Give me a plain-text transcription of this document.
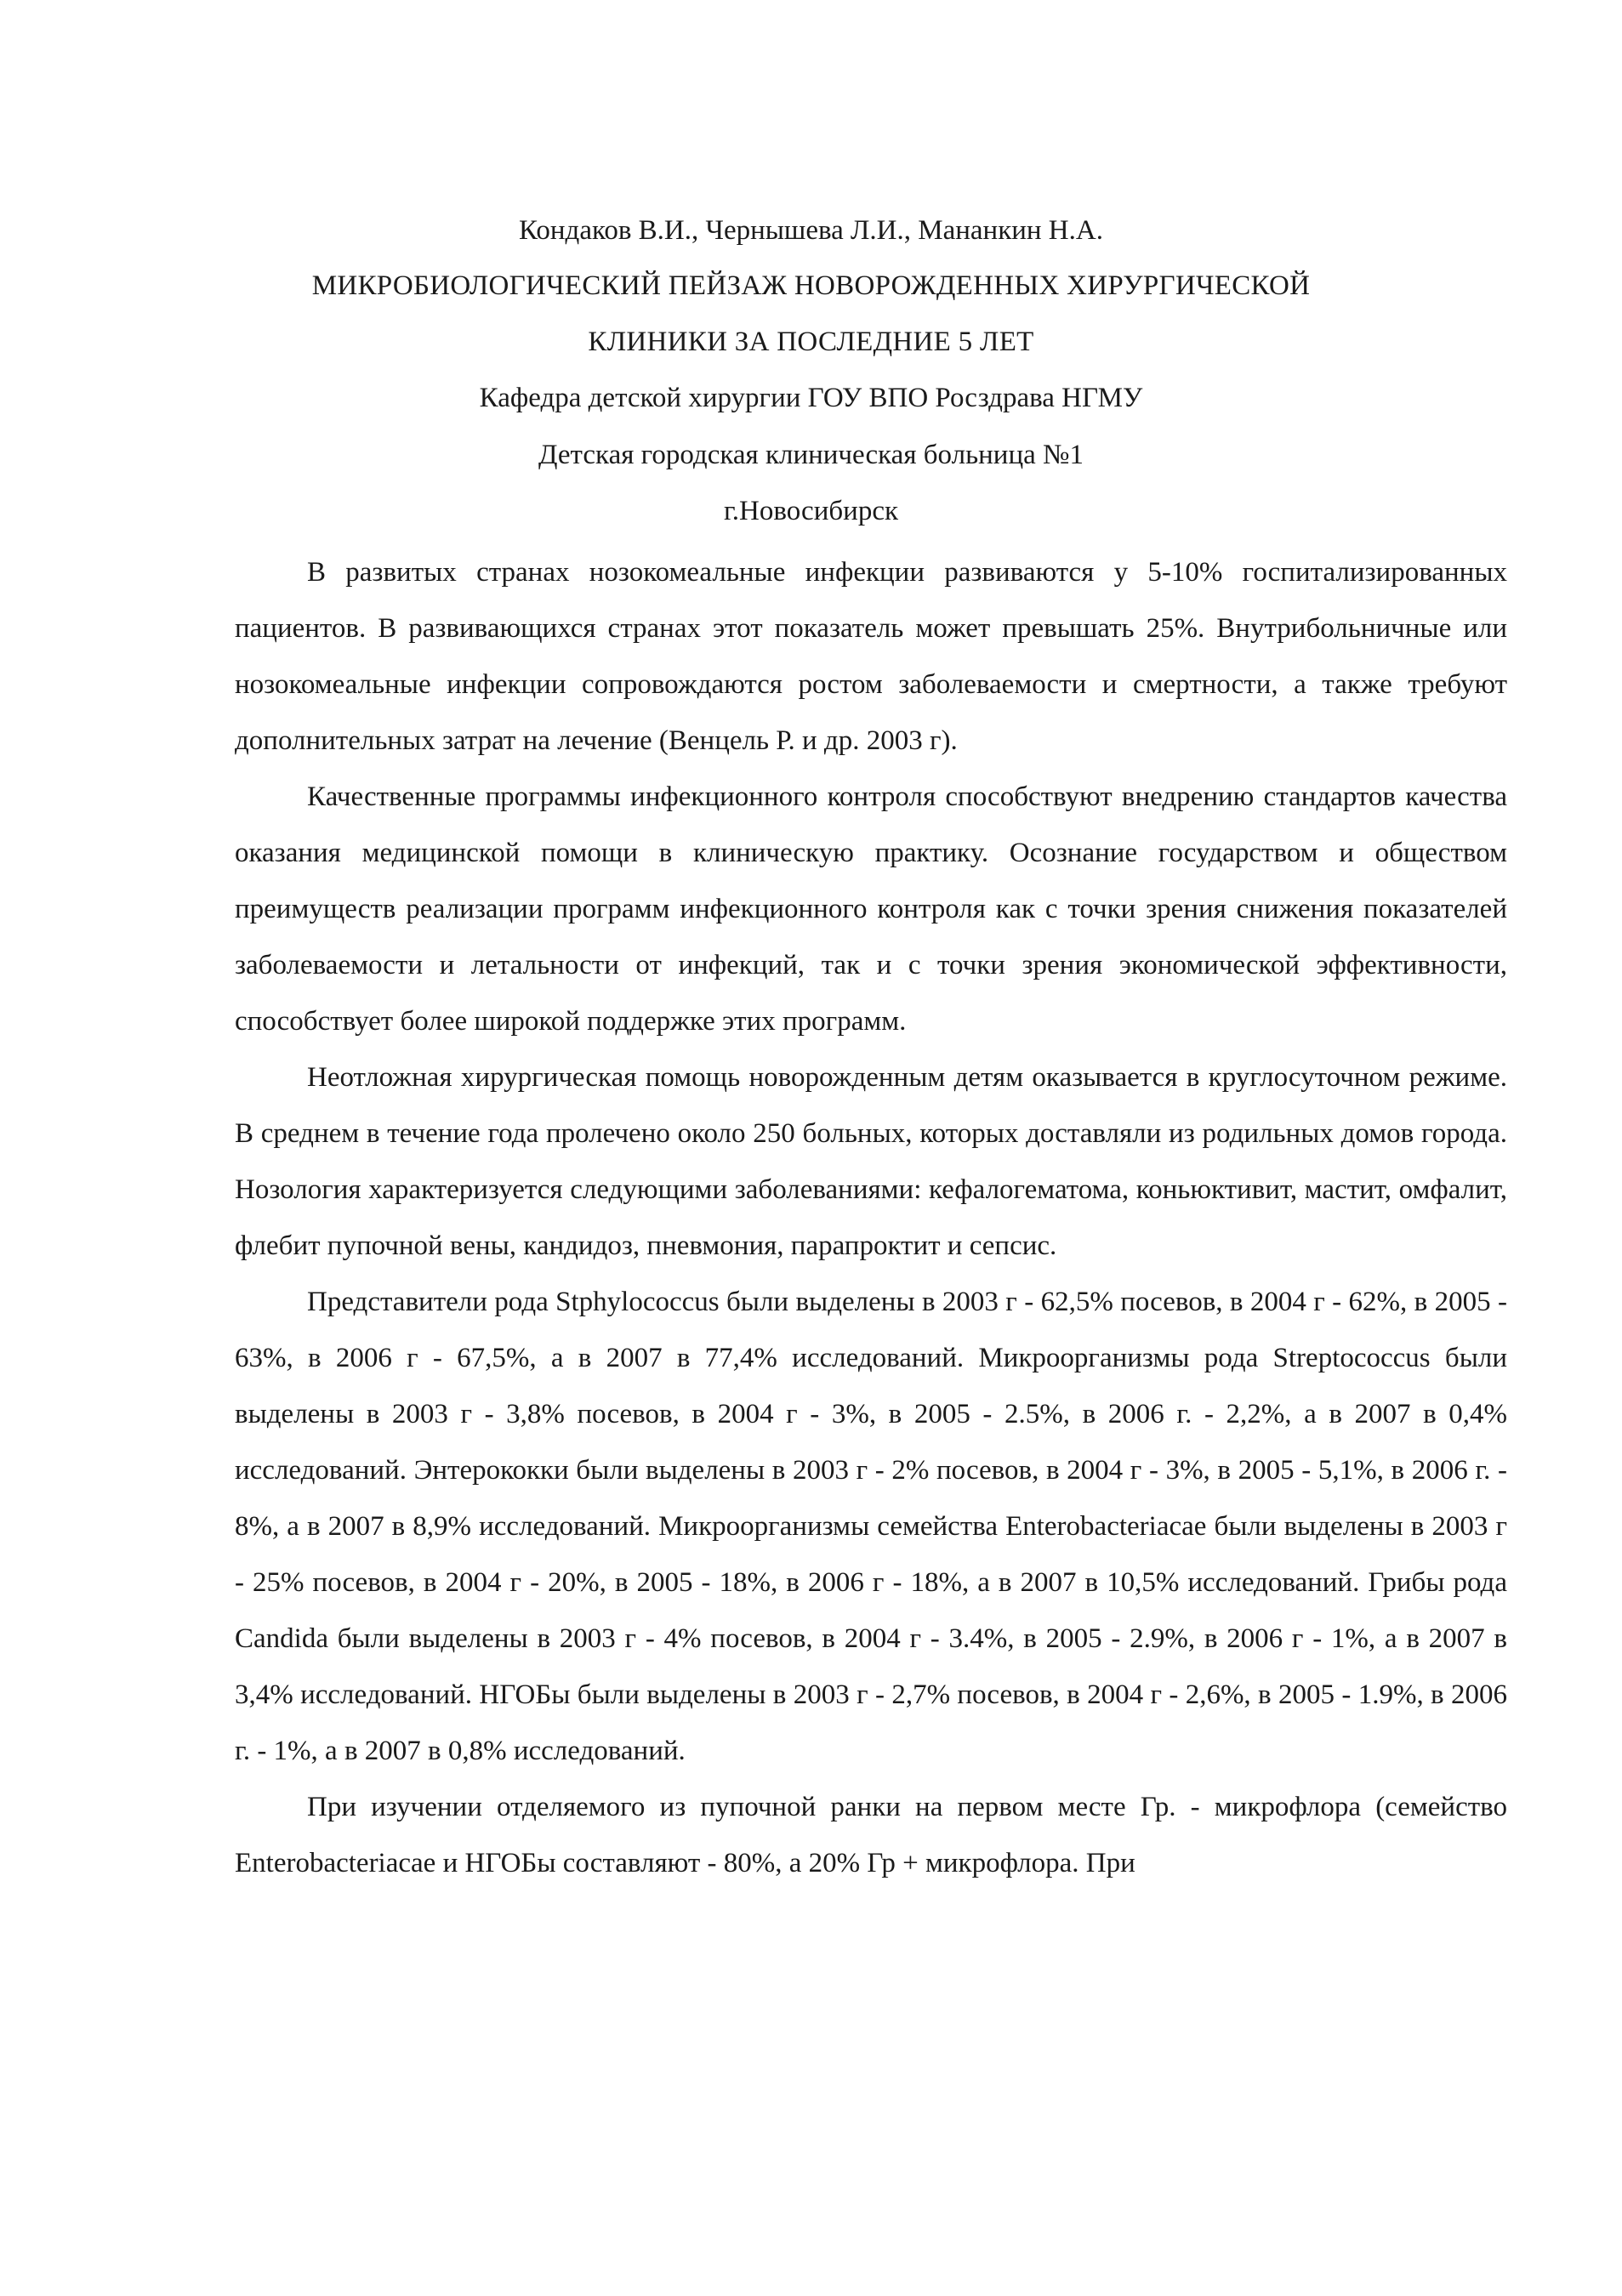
Кондаков В.И., Чернышева Л.И., Мананкин Н.А.

МИКРОБИОЛОГИЧЕСКИЙ ПЕЙЗАЖ НОВОРОЖДЕННЫХ ХИРУРГИЧЕСКОЙ

КЛИНИКИ ЗА ПОСЛЕДНИЕ 5 ЛЕТ

Кафедра детской хирургии ГОУ ВПО Росздрава НГМУ

Детская городская клиническая больница №1

г.Новосибирск

В развитых странах нозокомеальные инфекции развиваются у 5-10% госпитализированных пациентов. В развивающихся странах этот показатель может превышать 25%. Внутрибольничные или нозокомеальные инфекции сопровождаются ростом заболеваемости и смертности, а также требуют дополнительных затрат на лечение (Венцель Р. и др. 2003 г).

Качественные программы инфекционного контроля способствуют внедрению стандартов качества оказания медицинской помощи в клиническую практику. Осознание государством и обществом преимуществ реализации программ инфекционного контроля как с точки зрения снижения показателей заболеваемости и летальности от инфекций, так и с точки зрения экономической эффективности, способствует более широкой поддержке этих программ.

Неотложная хирургическая помощь новорожденным детям оказывается в круглосуточном режиме. В среднем в течение года пролечено около 250 больных, которых доставляли из родильных домов города. Нозология характеризуется следующими заболеваниями: кефалогематома, коньюктивит, мастит, омфалит, флебит пупочной вены, кандидоз, пневмония, парапроктит и сепсис.

Представители рода Stphylococcus были выделены в 2003 г - 62,5% посевов, в 2004 г - 62%, в 2005 - 63%, в 2006 г - 67,5%, а в 2007 в 77,4% исследований. Микроорганизмы рода Streptococcus были выделены в 2003 г - 3,8% посевов, в 2004 г - 3%, в 2005 - 2.5%, в 2006 г. - 2,2%, а в 2007 в 0,4% исследований. Энтерококки были выделены в 2003 г - 2% посевов, в 2004 г - 3%, в 2005 - 5,1%, в 2006 г. - 8%, а в 2007 в 8,9% исследований. Микроорганизмы семейства Enterobacteriacae были выделены в 2003 г - 25% посевов, в 2004 г - 20%, в 2005 - 18%, в 2006 г - 18%, а в 2007 в 10,5% исследований. Грибы рода Candida были выделены в 2003 г - 4% посевов, в 2004 г - 3.4%, в 2005 - 2.9%, в 2006 г - 1%, а в 2007 в 3,4% исследований. НГОБы были выделены в 2003 г - 2,7% посевов, в 2004 г - 2,6%, в 2005 - 1.9%, в 2006 г. - 1%, а в 2007 в 0,8% исследований.

При изучении отделяемого из пупочной ранки на первом месте Гр. - микрофлора (семейство Enterobacteriacae и НГОБы составляют - 80%, а 20% Гр + микрофлора. При
